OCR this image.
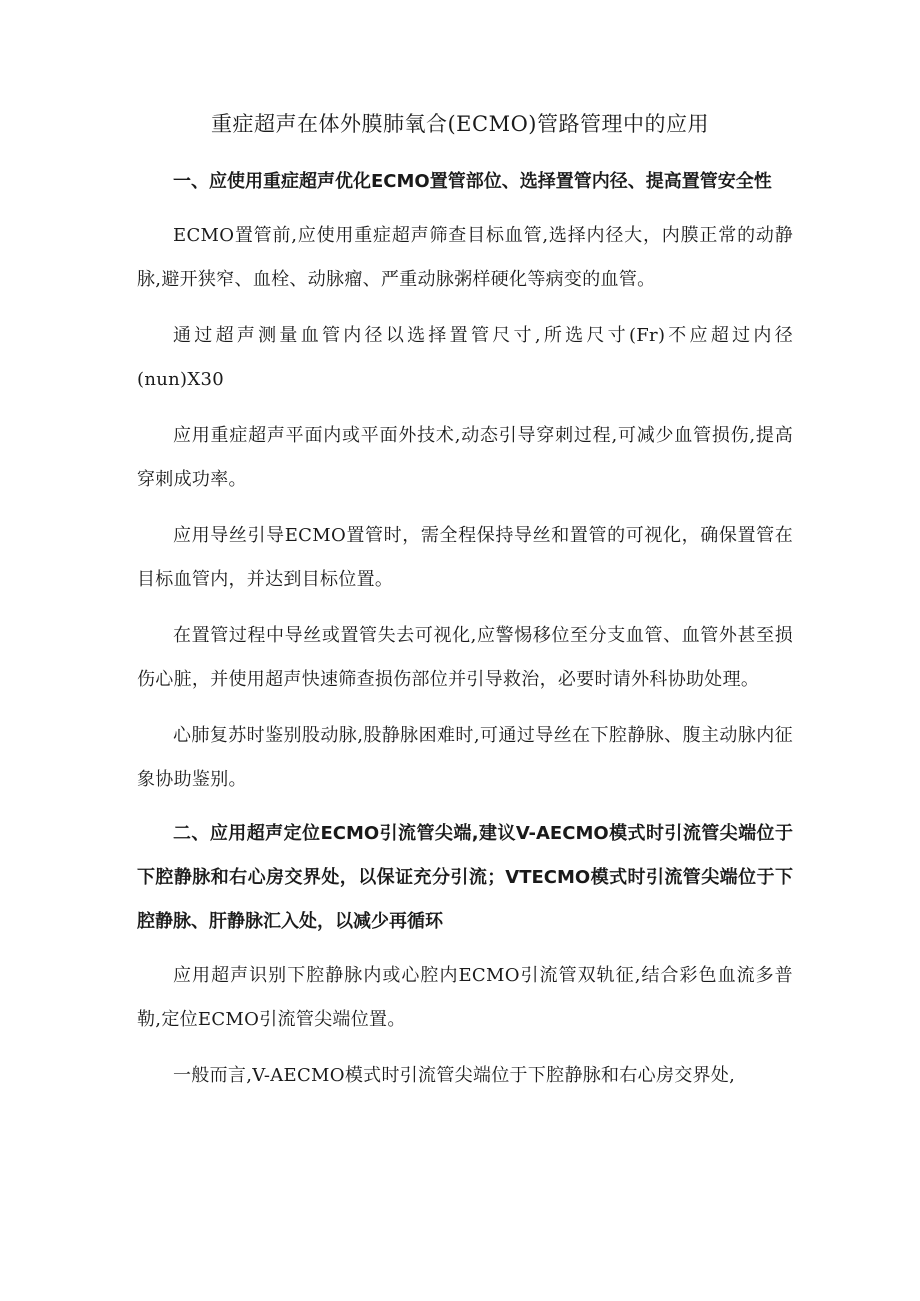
重症超声在体外膜肺氧合(ECMO)管路管理中的应用
一、应使用重症超声优化ECMO置管部位、选择置管内径、提高置管安全性

ECMO置管前,应使用重症超声筛查目标血管,选择内径大，内膜正常的动静脉,避开狭窄、血栓、动脉瘤、严重动脉粥样硬化等病变的血管。

通过超声测量血管内径以选择置管尺寸,所选尺寸(Fr)不应超过内径(nun)X30

应用重症超声平面内或平面外技术,动态引导穿刺过程,可减少血管损伤,提高穿刺成功率。

应用导丝引导ECMO置管时，需全程保持导丝和置管的可视化，确保置管在目标血管内，并达到目标位置。

在置管过程中导丝或置管失去可视化,应警惕移位至分支血管、血管外甚至损伤心脏，并使用超声快速筛查损伤部位并引导救治，必要时请外科协助处理。

心肺复苏时鉴别股动脉,股静脉困难时,可通过导丝在下腔静脉、腹主动脉内征象协助鉴别。

二、应用超声定位ECMO引流管尖端,建议V-AECMO模式时引流管尖端位于下腔静脉和右心房交界处，以保证充分引流；VTECMO模式时引流管尖端位于下腔静脉、肝静脉汇入处，以减少再循环

应用超声识别下腔静脉内或心腔内ECMO引流管双轨征,结合彩色血流多普勒,定位ECMO引流管尖端位置。

一般而言,V-AECMO模式时引流管尖端位于下腔静脉和右心房交界处,
